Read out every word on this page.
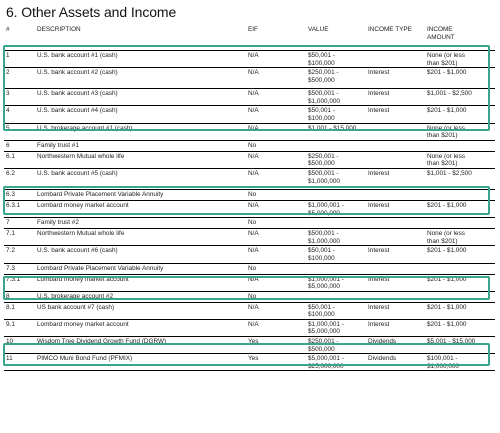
6. Other Assets and Income
#	DESCRIPTION	EIF	VALUE	INCOME TYPE	INCOME
AMOUNT
1	U.S. bank account #1 (cash)	N/A	$50,001 -
$100,000		None (or less
than $201)
2	U.S. bank account #2 (cash)	N/A	$250,001 -
$500,000	Interest	$201 - $1,000
3	U.S. bank account #3 (cash)	N/A	$500,001 -
$1,000,000	Interest	$1,001 - $2,500
4	U.S. bank account #4 (cash)	N/A	$50,001 -
$100,000	Interest	$201 - $1,000
5	U.S. brokerage account #1 (cash)	N/A	$1,001 - $15,000		None (or less
than $201)
6	Family trust #1	No			
6.1	Northwestern Mutual whole life	N/A	$250,001 -
$500,000		None (or less
than $201)
6.2	U.S. bank account #5 (cash)	N/A	$500,001 -
$1,000,000	Interest	$1,001 - $2,500
6.3	Lombard Private Placement Variable Annuity	No			
6.3.1	Lombard money market account	N/A	$1,000,001 -
$5,000,000	Interest	$201 - $1,000
7	Family trust #2	No			
7.1	Northwestern Mutual whole life	N/A	$500,001 -
$1,000,000		None (or less
than $201)
7.2	U.S. bank account #6 (cash)	N/A	$50,001 -
$100,000	Interest	$201 - $1,000
7.3	Lombard Private Placement Variable Annuity	No			
7.3.1	Lombard money market account	N/A	$1,000,001 -
$5,000,000	Interest	$201 - $1,000
8	U.S. brokerage account #2	No			
8.1	US bank account #7 (cash)	N/A	$50,001 -
$100,000	Interest	$201 - $1,000
9.1	Lombard money market account	N/A	$1,000,001 -
$5,000,000	Interest	$201 - $1,000
10	Wisdom Tree Dividend Growth Fund (DGRW)	Yes	$250,001 -
$500,000	Dividends	$5,001 - $15,000
11	PIMCO Muni Bond Fund (PFMIX)	Yes	$5,000,001 -
$25,000,000	Dividends	$100,001 -
$1,000,000
